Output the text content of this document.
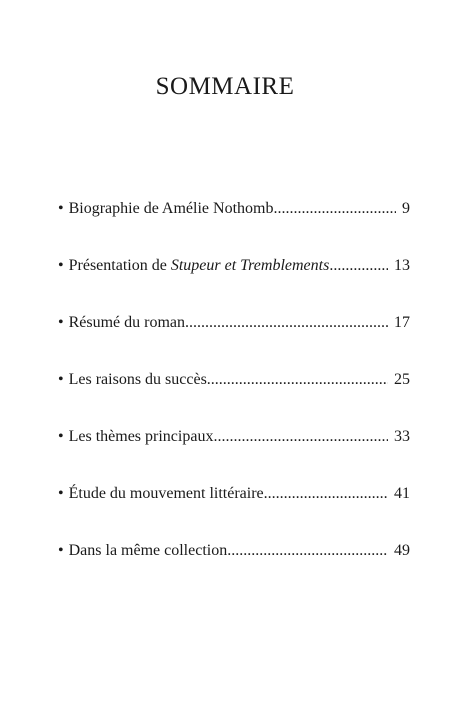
SOMMAIRE
• Biographie de Amélie Nothomb .....	9
• Présentation de Stupeur et Tremblements .....	13
• Résumé du roman .....	17
• Les raisons du succès .....	25
• Les thèmes principaux .....	33
• Étude du mouvement littéraire .....	41
• Dans la même collection .....	49
